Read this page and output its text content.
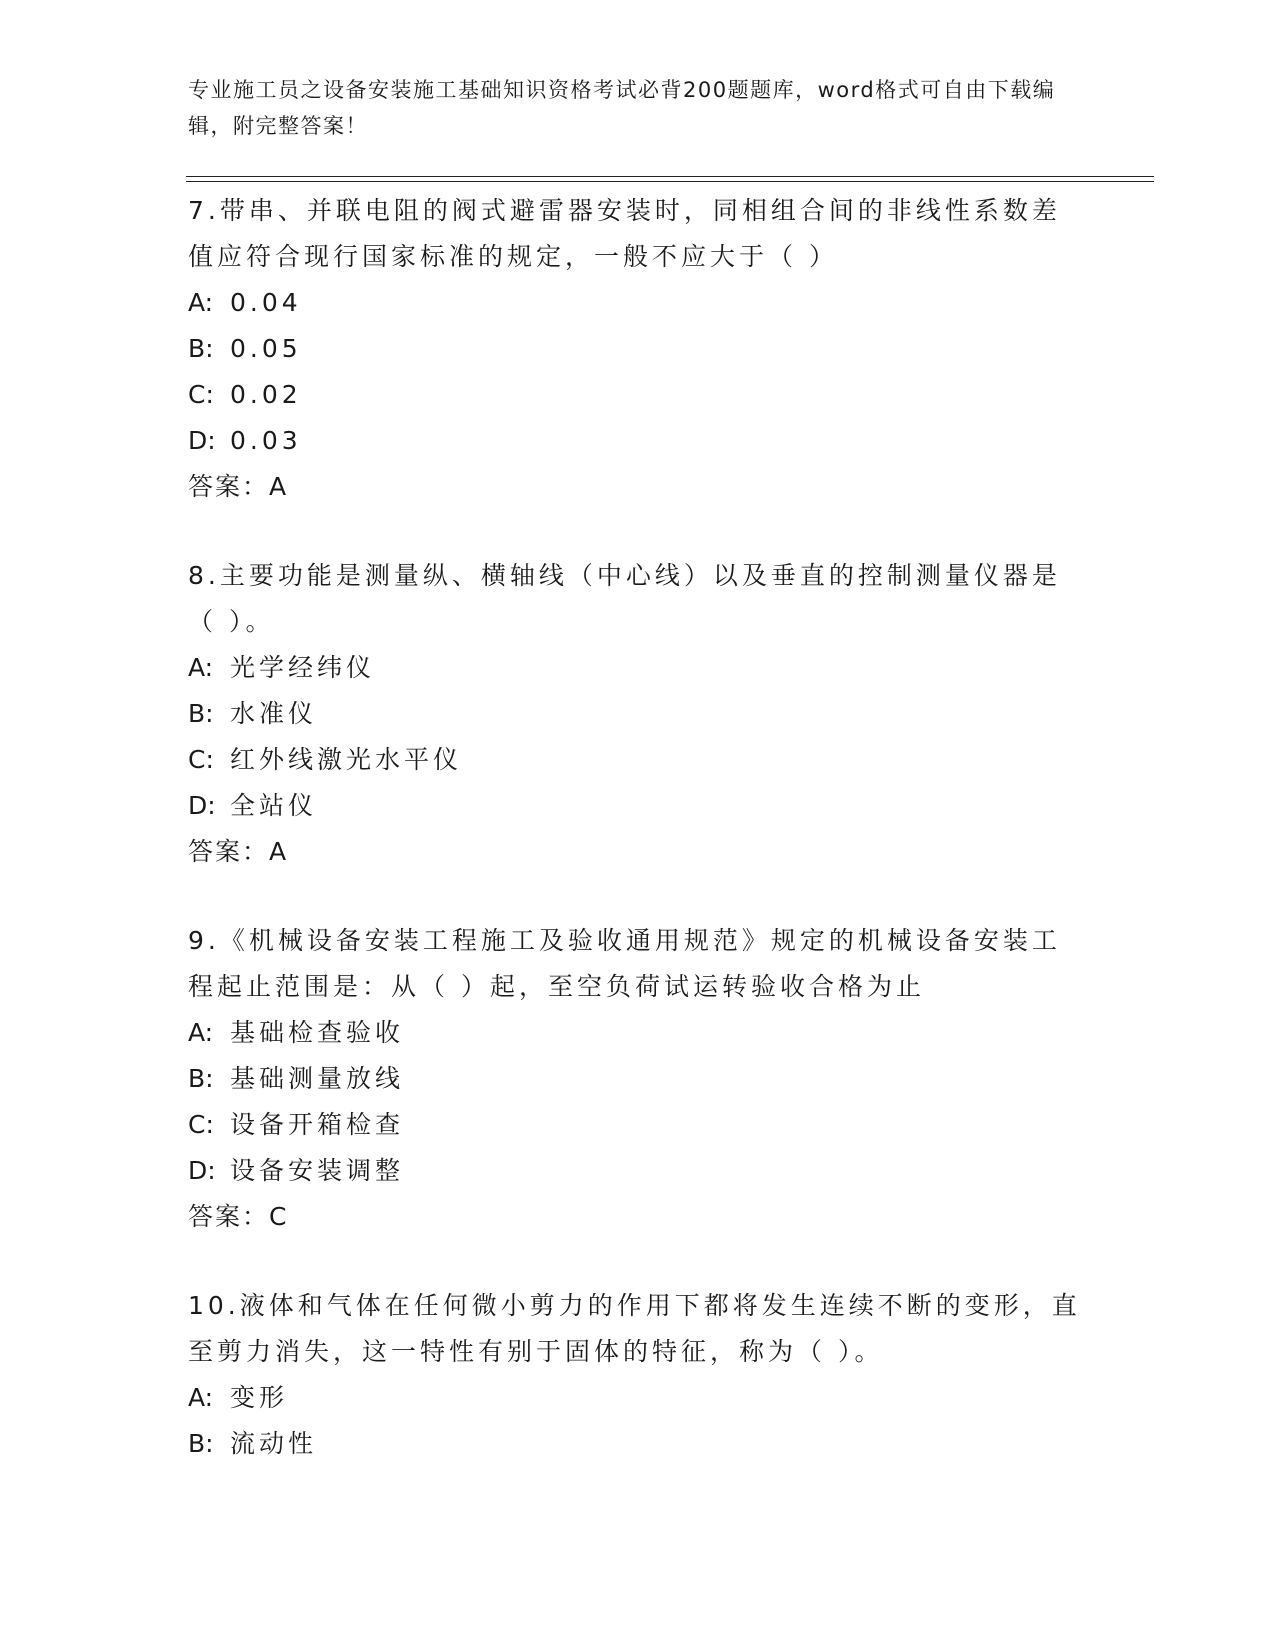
专业施工员之设备安装施工基础知识资格考试必背200题题库，word格式可自由下载编辑，附完整答案！

7.带串、并联电阻的阀式避雷器安装时，同相组合间的非线性系数差值应符合现行国家标准的规定，一般不应大于（ ）

A: 0.04

B: 0.05

C: 0.02

D: 0.03

答案：A

8.主要功能是测量纵、横轴线（中心线）以及垂直的控制测量仪器是（ ）。

A: 光学经纬仪

B: 水准仪

C: 红外线激光水平仪

D: 全站仪

答案：A

9.《机械设备安装工程施工及验收通用规范》规定的机械设备安装工程起止范围是：从（ ）起，至空负荷试运转验收合格为止

A: 基础检查验收

B: 基础测量放线

C: 设备开箱检查

D: 设备安装调整

答案：C

10.液体和气体在任何微小剪力的作用下都将发生连续不断的变形，直至剪力消失，这一特性有别于固体的特征，称为（ ）。

A: 变形

B: 流动性
